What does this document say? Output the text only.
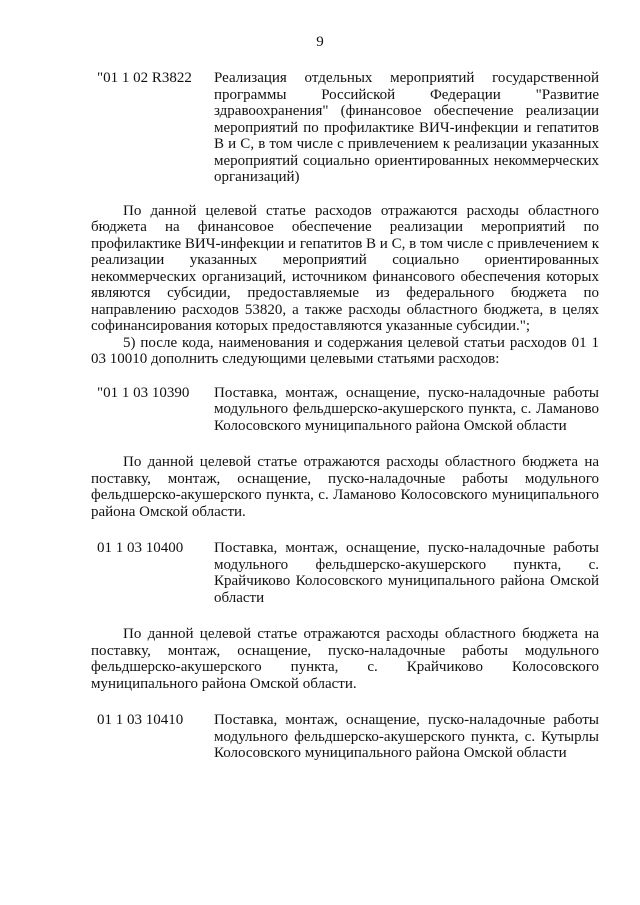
9
"01 1 02 R3822	Реализация отдельных мероприятий государственной программы Российской Федерации "Развитие здравоохранения" (финансовое обеспечение реализации мероприятий по профилактике ВИЧ-инфекции и гепатитов В и С, в том числе с привлечением к реализации указанных мероприятий социально ориентированных некоммерческих организаций)

По данной целевой статье расходов отражаются расходы областного бюджета на финансовое обеспечение реализации мероприятий по профилактике ВИЧ-инфекции и гепатитов В и С, в том числе с привлечением к реализации указанных мероприятий социально ориентированных некоммерческих организаций, источником финансового обеспечения которых являются субсидии, предоставляемые из федерального бюджета по направлению расходов 53820, а также расходы областного бюджета, в целях софинансирования которых предоставляются указанные субсидии.";

5) после кода, наименования и содержания целевой статьи расходов 01 1 03 10010 дополнить следующими целевыми статьями расходов:

"01 1 03 10390	Поставка, монтаж, оснащение, пуско-наладочные работы модульного фельдшерско-акушерского пункта, с. Ламаново Колосовского муниципального района Омской области

По данной целевой статье отражаются расходы областного бюджета на поставку, монтаж, оснащение, пуско-наладочные работы модульного фельдшерско-акушерского пункта, с. Ламаново Колосовского муниципального района Омской области.

01 1 03 10400	Поставка, монтаж, оснащение, пуско-наладочные работы модульного фельдшерско-акушерского пункта, с. Крайчиково Колосовского муниципального района Омской области

По данной целевой статье отражаются расходы областного бюджета на поставку, монтаж, оснащение, пуско-наладочные работы модульного фельдшерско-акушерского пункта, с. Крайчиково Колосовского муниципального района Омской области.

01 1 03 10410	Поставка, монтаж, оснащение, пуско-наладочные работы модульного фельдшерско-акушерского пункта, с. Кутырлы Колосовского муниципального района Омской области
